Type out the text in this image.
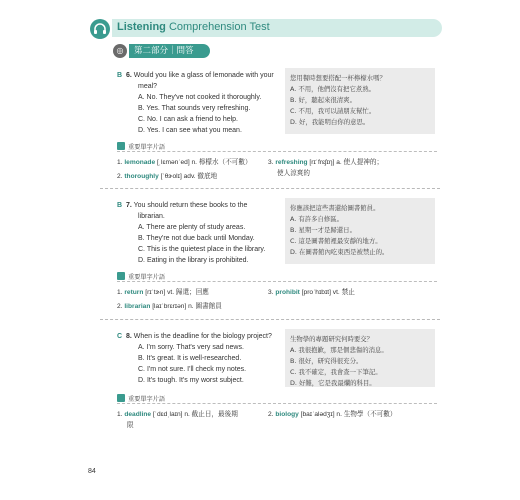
Listening Comprehension Test
◎	第二部分｜問答
B 6. Would you like a glass of lemonade with your
meal?
A. No. They've not cooked it thoroughly.
B. Yes. That sounds very refreshing.
C. No. I can ask a friend to help.
D. Yes. I can see what you mean.
您用餐時想要搭配一杯檸檬水嗎？
A. 不用，他們沒有把它煮熟。
B. 好，聽起來很清爽。
C. 不用，我可以請朋友幫忙。
D. 好，我能明白你的意思。
重要單字片語
1. lemonade [ˌlɛmənˈed] n. 檸檬水（不可數）
2. thoroughly [ˈθɝolɪ] adv. 徹底地
3. refreshing [rɪˈfrɛʃɪŋ] a. 使人提神的；
使人涼爽的
B 7. You should return these books to the
librarian.
A. There are plenty of study areas.
B. They're not due back until Monday.
C. This is the quietest place in the library.
D. Eating in the library is prohibited.
你應該把這些書還給圖書館員。
A. 有許多自修區。
B. 星期一才是歸還日。
C. 這是圖書館裡最安靜的地方。
D. 在圖書館內吃東西是被禁止的。
重要單字片語
1. return [rɪˈtɝn] vt. 歸還；回應
2. librarian [laɪˈbrɛrɪən] n. 圖書館員
3. prohibit [proˈhɪbɪt] vt. 禁止
C 8. When is the deadline for the biology project?
A. I'm sorry. That's very sad news.
B. It's great. It is well-researched.
C. I'm not sure. I'll check my notes.
D. It's tough. It's my worst subject.
生物學的專題研究何時要交？
A. 我很抱歉，那是個悲傷的消息。
B. 很好，研究得很充分。
C. 我不確定，我會查一下筆記。
D. 好難，它是我最爛的科目。
重要單字片語
1. deadline [ˈdɛdˌlaɪn] n. 截止日，最後期
限
2. biology [baɪˈalədʒɪ] n. 生物學（不可數）
84
